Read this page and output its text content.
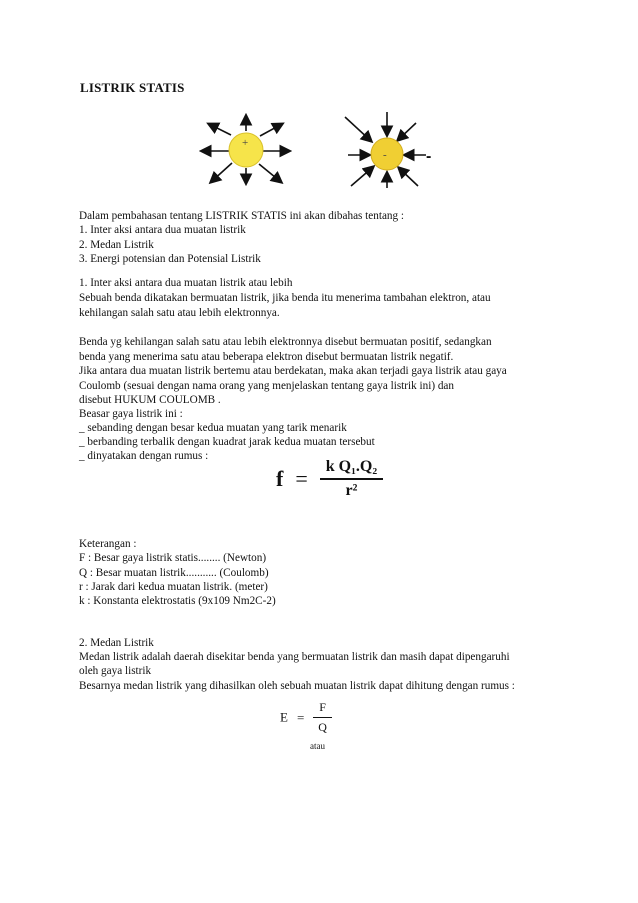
LISTRIK STATIS
+
- -
Dalam pembahasan tentang LISTRIK STATIS ini akan dibahas tentang :
1. Inter aksi antara dua muatan listrik
2. Medan Listrik
3. Energi potensian dan Potensial Listrik
1. Inter aksi antara dua muatan listrik atau lebih
Sebuah benda dikatakan bermuatan listrik, jika benda itu menerima tambahan elektron, atau
kehilangan salah satu atau lebih elektronnya.
Benda yg kehilangan salah satu atau lebih elektronnya disebut bermuatan positif, sedangkan
benda yang menerima satu atau beberapa elektron disebut bermuatan listrik negatif.
Jika antara dua muatan listrik bertemu atau berdekatan, maka akan terjadi gaya listrik atau gaya
Coulomb (sesuai dengan nama orang yang menjelaskan tentang gaya listrik ini) dan
disebut HUKUM COULOMB .
Beasar gaya listrik ini :
_ sebanding dengan besar kedua muatan yang tarik menarik
_ berbanding terbalik dengan kuadrat jarak kedua muatan tersebut
_ dinyatakan dengan rumus :
$f = \frac{\text{k Q₁.Q₂}}{\text{r²}}$
Keterangan :
F : Besar gaya listrik statis........ (Newton)
Q : Besar muatan listrik........... (Coulomb)
r : Jarak dari kedua muatan listrik. (meter)
k : Konstanta elektrostatis (9x109 Nm2C-2)
2. Medan Listrik
Medan listrik adalah daerah disekitar benda yang bermuatan listrik dan masih dapat dipengaruhi
oleh gaya listrik
Besarnya medan listrik yang dihasilkan oleh sebuah muatan listrik dapat dihitung dengan rumus :
$E = \frac{F}{Q}$
atau
